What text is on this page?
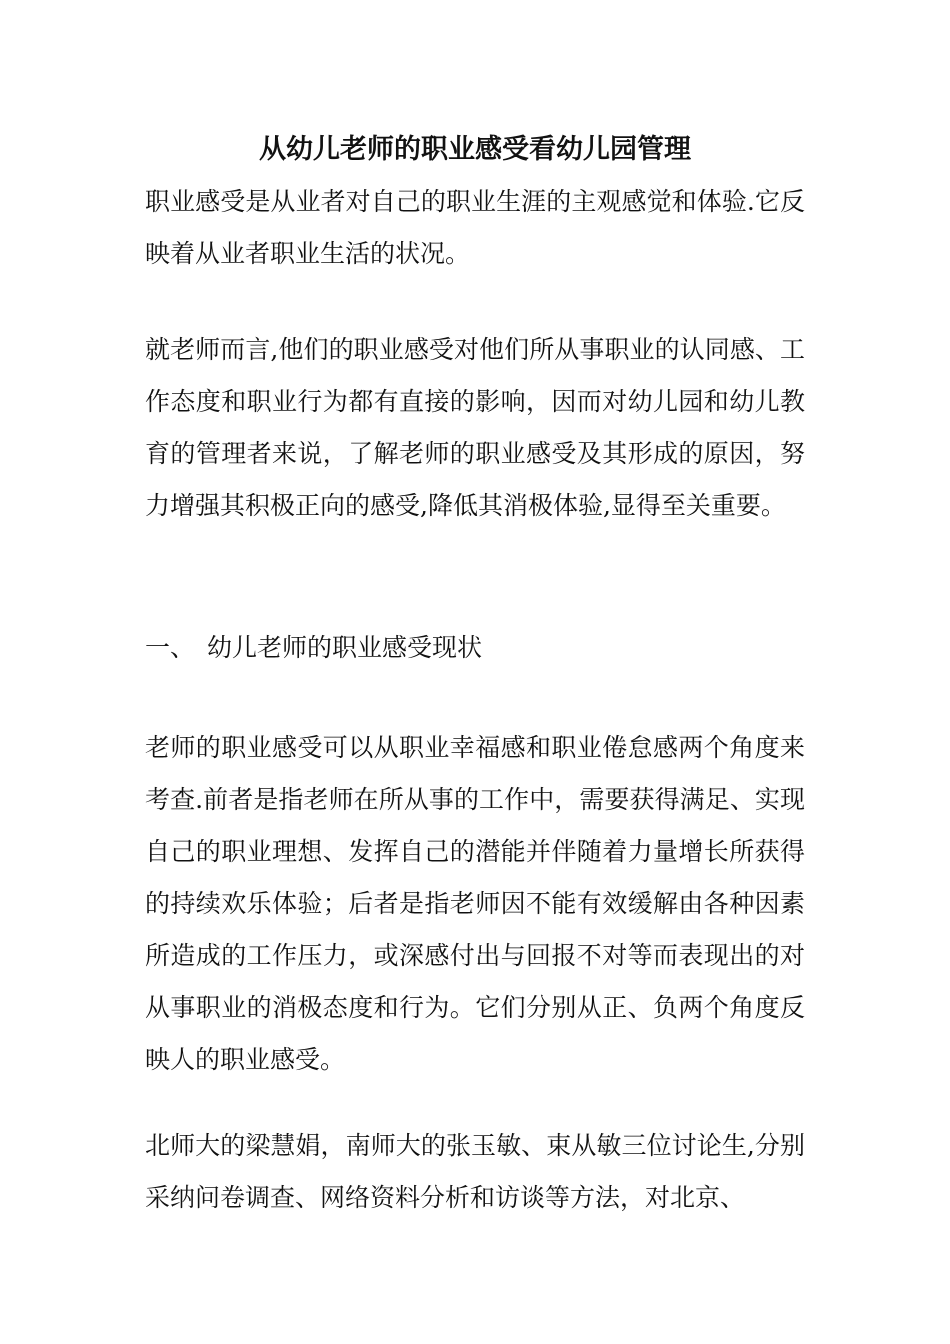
从幼儿老师的职业感受看幼儿园管理
职业感受是从业者对自己的职业生涯的主观感觉和体验.它反映着从业者职业生活的状况。
就老师而言,他们的职业感受对他们所从事职业的认同感、工作态度和职业行为都有直接的影响，因而对幼儿园和幼儿教育的管理者来说，了解老师的职业感受及其形成的原因，努力增强其积极正向的感受,降低其消极体验,显得至关重要。
一、 幼儿老师的职业感受现状
老师的职业感受可以从职业幸福感和职业倦怠感两个角度来考查.前者是指老师在所从事的工作中，需要获得满足、实现自己的职业理想、发挥自己的潜能并伴随着力量增长所获得的持续欢乐体验；后者是指老师因不能有效缓解由各种因素所造成的工作压力，或深感付出与回报不对等而表现出的对从事职业的消极态度和行为。它们分别从正、负两个角度反映人的职业感受。
北师大的梁慧娟，南师大的张玉敏、束从敏三位讨论生,分别采纳问卷调查、网络资料分析和访谈等方法，对北京、
